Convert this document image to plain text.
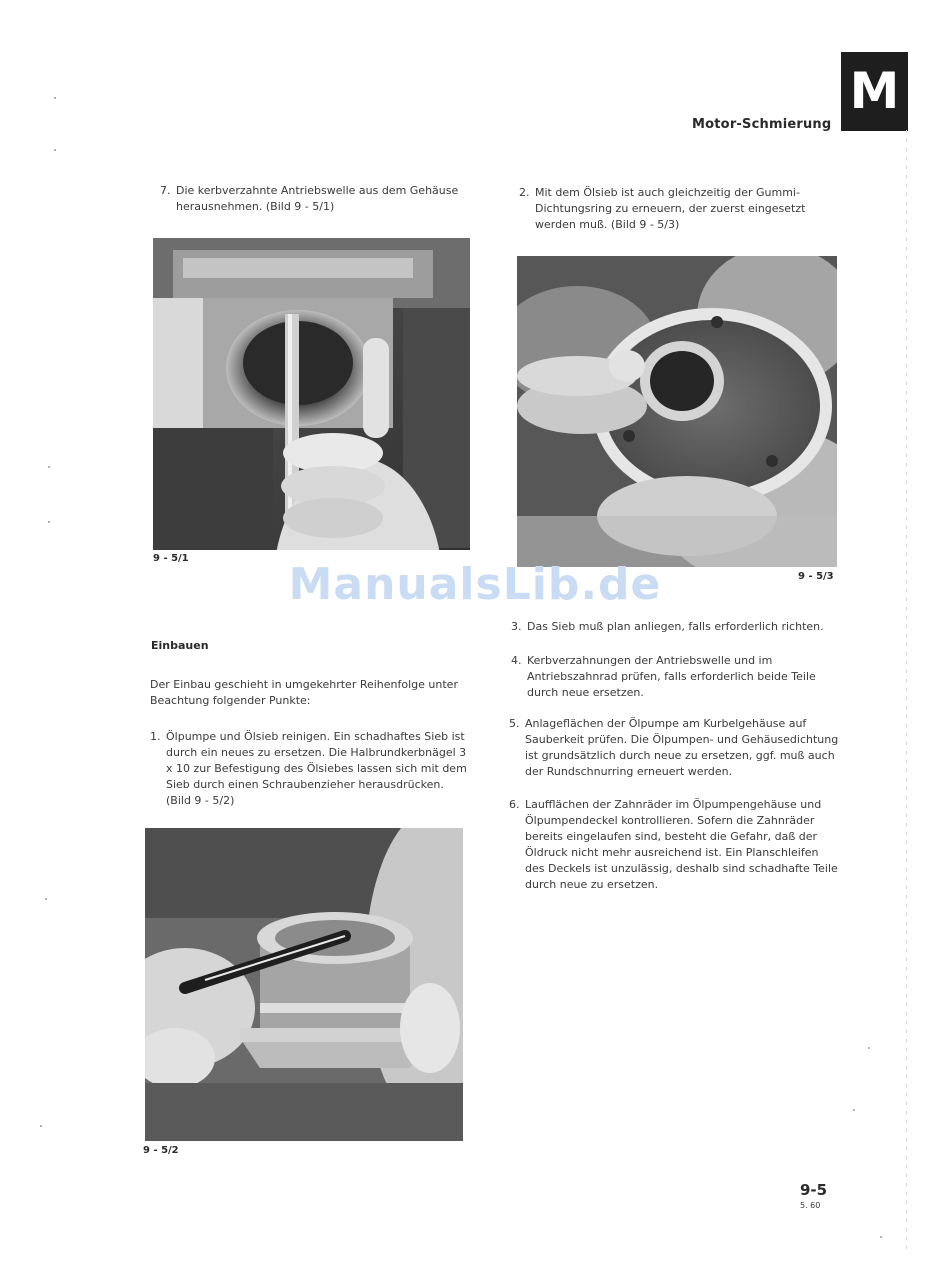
M
Motor-Schmierung
7. Die kerbverzahnte Antriebswelle aus dem Gehäuse herausnehmen. (Bild 9 - 5/1)
9 - 5/1
2. Mit dem Ölsieb ist auch gleichzeitig der Gummi-Dichtungsring zu erneuern, der zuerst eingesetzt werden muß. (Bild 9 - 5/3)
9 - 5/3
ManualsLib.de
Einbauen
Der Einbau geschieht in umgekehrter Reihenfolge unter Beachtung folgender Punkte:
1. Ölpumpe und Ölsieb reinigen. Ein schadhaftes Sieb ist durch ein neues zu ersetzen. Die Halbrundkerbnägel 3 x 10 zur Befestigung des Ölsiebes lassen sich mit dem Sieb durch einen Schraubenzieher herausdrücken. (Bild 9 - 5/2)
9 - 5/2
3. Das Sieb muß plan anliegen, falls erforderlich richten.
4. Kerbverzahnungen der Antriebswelle und im Antriebszahnrad prüfen, falls erforderlich beide Teile durch neue ersetzen.
5. Anlageflächen der Ölpumpe am Kurbelgehäuse auf Sauberkeit prüfen. Die Ölpumpen- und Gehäusedichtung ist grundsätzlich durch neue zu ersetzen, ggf. muß auch der Rundschnurring erneuert werden.
6. Laufflächen der Zahnräder im Ölpumpengehäuse und Ölpumpendeckel kontrollieren. Sofern die Zahnräder bereits eingelaufen sind, besteht die Gefahr, daß der Öldruck nicht mehr ausreichend ist. Ein Planschleifen des Deckels ist unzulässig, deshalb sind schadhafte Teile durch neue zu ersetzen.
9-5
5. 60
